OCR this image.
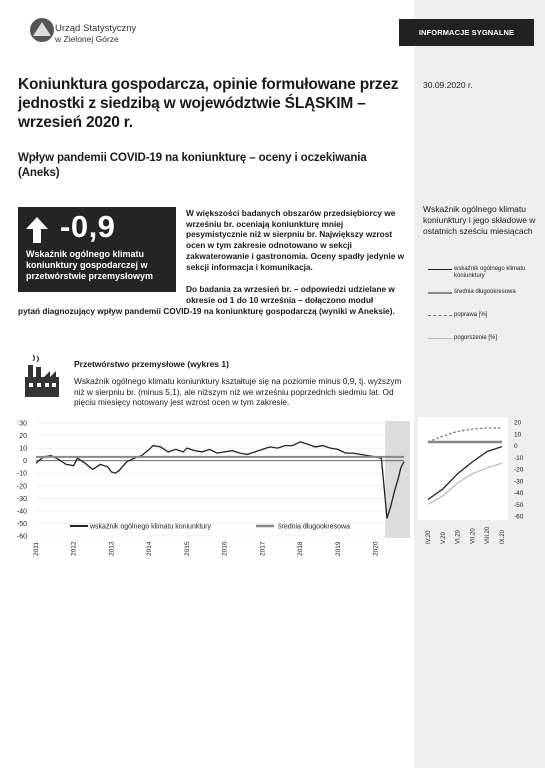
INFORMACJE SYGNALNE
Urząd Statystyczny
w Zielonej Górze
30.09.2020 r.
Koniunktura gospodarcza, opinie formułowane przez jednostki z siedzibą w województwie ŚLĄSKIM – wrzesień 2020 r.
Wpływ pandemii COVID-19 na koniunkturę – oceny i oczekiwania (Aneks)
-0,9
Wskaźnik ogólnego klimatu koniunktury gospodarczej w przetwórstwie przemysłowym
W większości badanych obszarów przedsiębiorcy we wrześniu br. oceniają koniunkturę mniej pesymistycznie niż w sierpniu br. Największy wzrost ocen w tym zakresie odnotowano w sekcji zakwaterowanie i gastronomia. Oceny spadły jedynie w sekcji informacja i komunikacja.
Do badania za wrzesień br. – odpowiedzi udzielane w okresie od 1 do 10 września – dołączono moduł
pytań diagnozujący wpływ pandemii COVID-19 na koniunkturę gospodarczą (wyniki w Aneksie).
Wskaźnik ogólnego klimatu koniunktury i jego składowe w ostatnich sześciu miesiącach
wskaźnik ogólnego klimatu koniunktury
średnia długookresowa
poprawa [%]
pogorszenie [%]
Przetwórstwo przemysłowe (wykres 1)
Wskaźnik ogólnego klimatu koniunktury kształtuje się na poziomie minus 0,9, tj. wyższym niż w sierpniu br. (minus 5,1), ale niższym niż we wrześniu poprzednich siedmiu lat. Od pięciu miesięcy notowany jest wzrost ocen w tym zakresie.
30
20
10
0
-10
-20
-30
-40
-50
-60
2011	2012	2013	2014	2015	2016	2017	2018	2019	2020
wskaźnik ogólnego klimatu koniunktury	średnia długookresowa
20
10
0
-10
-20
-30
-40
-50
-60
IV.20 V.20 VI.20 VII.20 VIII.20 IX.20
